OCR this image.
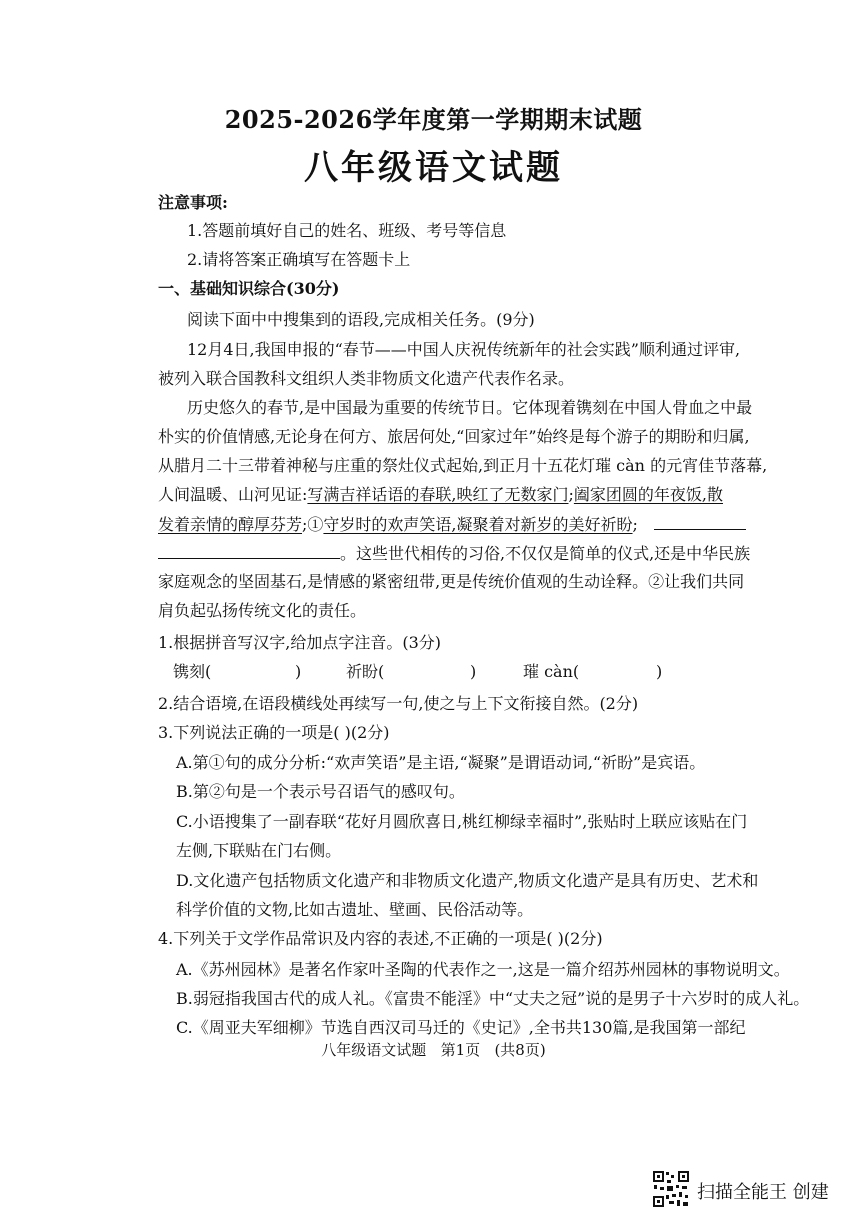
2025-2026学年度第一学期期末试题
八年级语文试题
注意事项:
1.答题前填好自己的姓名、班级、考号等信息
2.请将答案正确填写在答题卡上
一、基础知识综合(30分)
阅读下面中中搜集到的语段,完成相关任务。(9分)
12月4日,我国申报的“春节——中国人庆祝传统新年的社会实践”顺利通过评审,
被列入联合国教科文组织人类非物质文化遗产代表作名录。
历史悠久的春节,是中国最为重要的传统节日。它体现着镌刻在中国人骨血之中最
朴实的价值情感,无论身在何方、旅居何处,“回家过年”始终是每个游子的期盼和归属,
从腊月二十三带着神秘与庄重的祭灶仪式起始,到正月十五花灯璀 càn 的元宵佳节落幕,
人间温暖、山河见证:写满吉祥话语的春联,映红了无数家门;阖家团圆的年夜饭,散
发着亲情的醇厚芬芳;①守岁时的欢声笑语,凝聚着对新岁的美好祈盼;
。这些世代相传的习俗,不仅仅是简单的仪式,还是中华民族
家庭观念的坚固基石,是情感的紧密纽带,更是传统价值观的生动诠释。②让我们共同
肩负起弘扬传统文化的责任。
1.根据拼音写汉字,给加点字注音。(3分)
镌刻(	)	祈盼(	)	璀 càn(	)
2.结合语境,在语段横线处再续写一句,使之与上下文衔接自然。(2分)
3.下列说法正确的一项是( )(2分)
A.第①句的成分分析:“欢声笑语”是主语,“凝聚”是谓语动词,“祈盼”是宾语。
B.第②句是一个表示号召语气的感叹句。
C.小语搜集了一副春联“花好月圆欣喜日,桃红柳绿幸福时”,张贴时上联应该贴在门
左侧,下联贴在门右侧。
D.文化遗产包括物质文化遗产和非物质文化遗产,物质文化遗产是具有历史、艺术和
科学价值的文物,比如古遗址、壁画、民俗活动等。
4.下列关于文学作品常识及内容的表述,不正确的一项是( )(2分)
A.《苏州园林》是著名作家叶圣陶的代表作之一,这是一篇介绍苏州园林的事物说明文。
B.弱冠指我国古代的成人礼。《富贵不能淫》中“丈夫之冠”说的是男子十六岁时的成人礼。
C.《周亚夫军细柳》节选自西汉司马迁的《史记》,全书共130篇,是我国第一部纪
八年级语文试题   第1页   (共8页)
扫描全能王 创建
